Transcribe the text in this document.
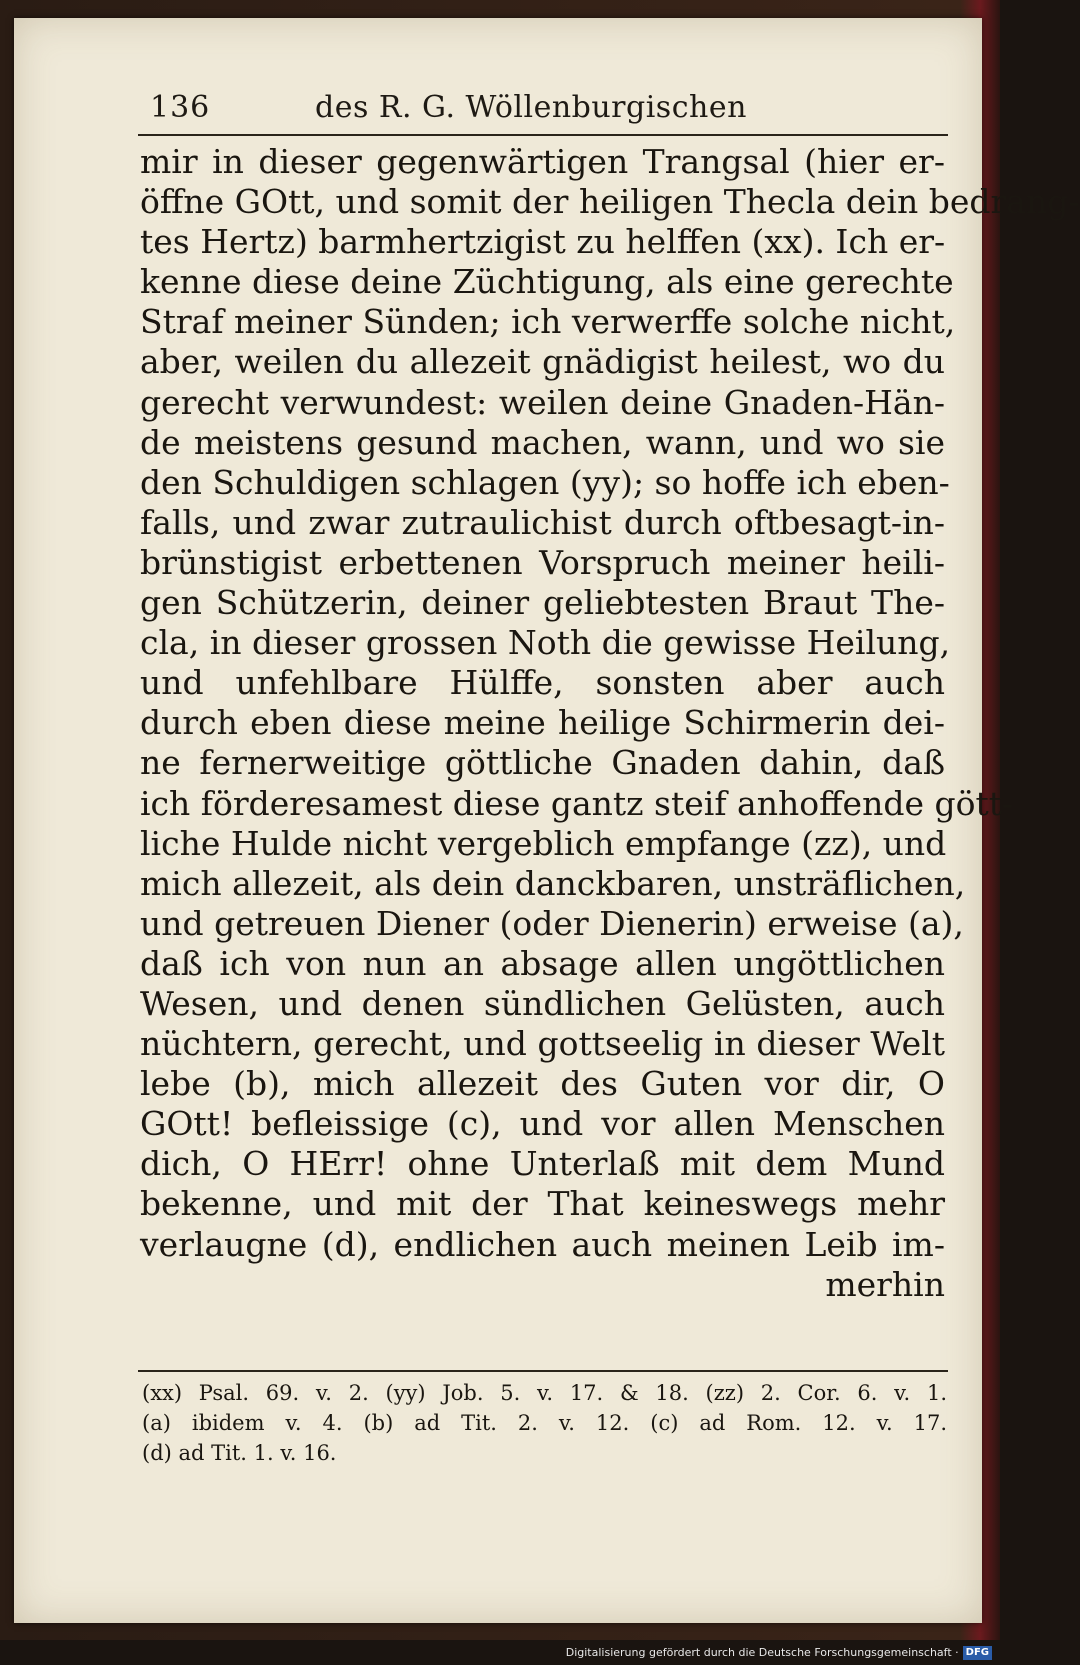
136	des R. G. Wöllenburgischen
mir in dieser gegenwärtigen Trangsal (hier er-
öffne GOtt, und somit der heiligen Thecla dein bedrang-
tes Hertz) barmhertzigist zu helffen (xx). Ich er-
kenne diese deine Züchtigung, als eine gerechte
Straf meiner Sünden; ich verwerffe solche nicht,
aber, weilen du allezeit gnädigist heilest, wo du
gerecht verwundest: weilen deine Gnaden-Hän-
de meistens gesund machen, wann, und wo sie
den Schuldigen schlagen (yy); so hoffe ich eben-
falls, und zwar zutraulichist durch oftbesagt-in-
brünstigist erbettenen Vorspruch meiner heili-
gen Schützerin, deiner geliebtesten Braut The-
cla, in dieser grossen Noth die gewisse Heilung,
und unfehlbare Hülffe, sonsten aber auch
durch eben diese meine heilige Schirmerin dei-
ne fernerweitige göttliche Gnaden dahin, daß
ich förderesamest diese gantz steif anhoffende gött-
liche Hulde nicht vergeblich empfange (zz), und
mich allezeit, als dein danckbaren, unsträflichen,
und getreuen Diener (oder Dienerin) erweise (a),
daß ich von nun an absage allen ungöttlichen
Wesen, und denen sündlichen Gelüsten, auch
nüchtern, gerecht, und gottseelig in dieser Welt
lebe (b), mich allezeit des Guten vor dir, O
GOtt! befleissige (c), und vor allen Menschen
dich, O HErr! ohne Unterlaß mit dem Mund
bekenne, und mit der That keineswegs mehr
verlaugne (d), endlichen auch meinen Leib im-
merhin
(xx) Psal. 69. v. 2. (yy) Job. 5. v. 17. & 18. (zz) 2. Cor. 6. v. 1.
(a) ibidem v. 4. (b) ad Tit. 2. v. 12. (c) ad Rom. 12. v. 17.
(d) ad Tit. 1. v. 16.
Digitalisierung gefördert durch die Deutsche Forschungsgemeinschaft · DFG
